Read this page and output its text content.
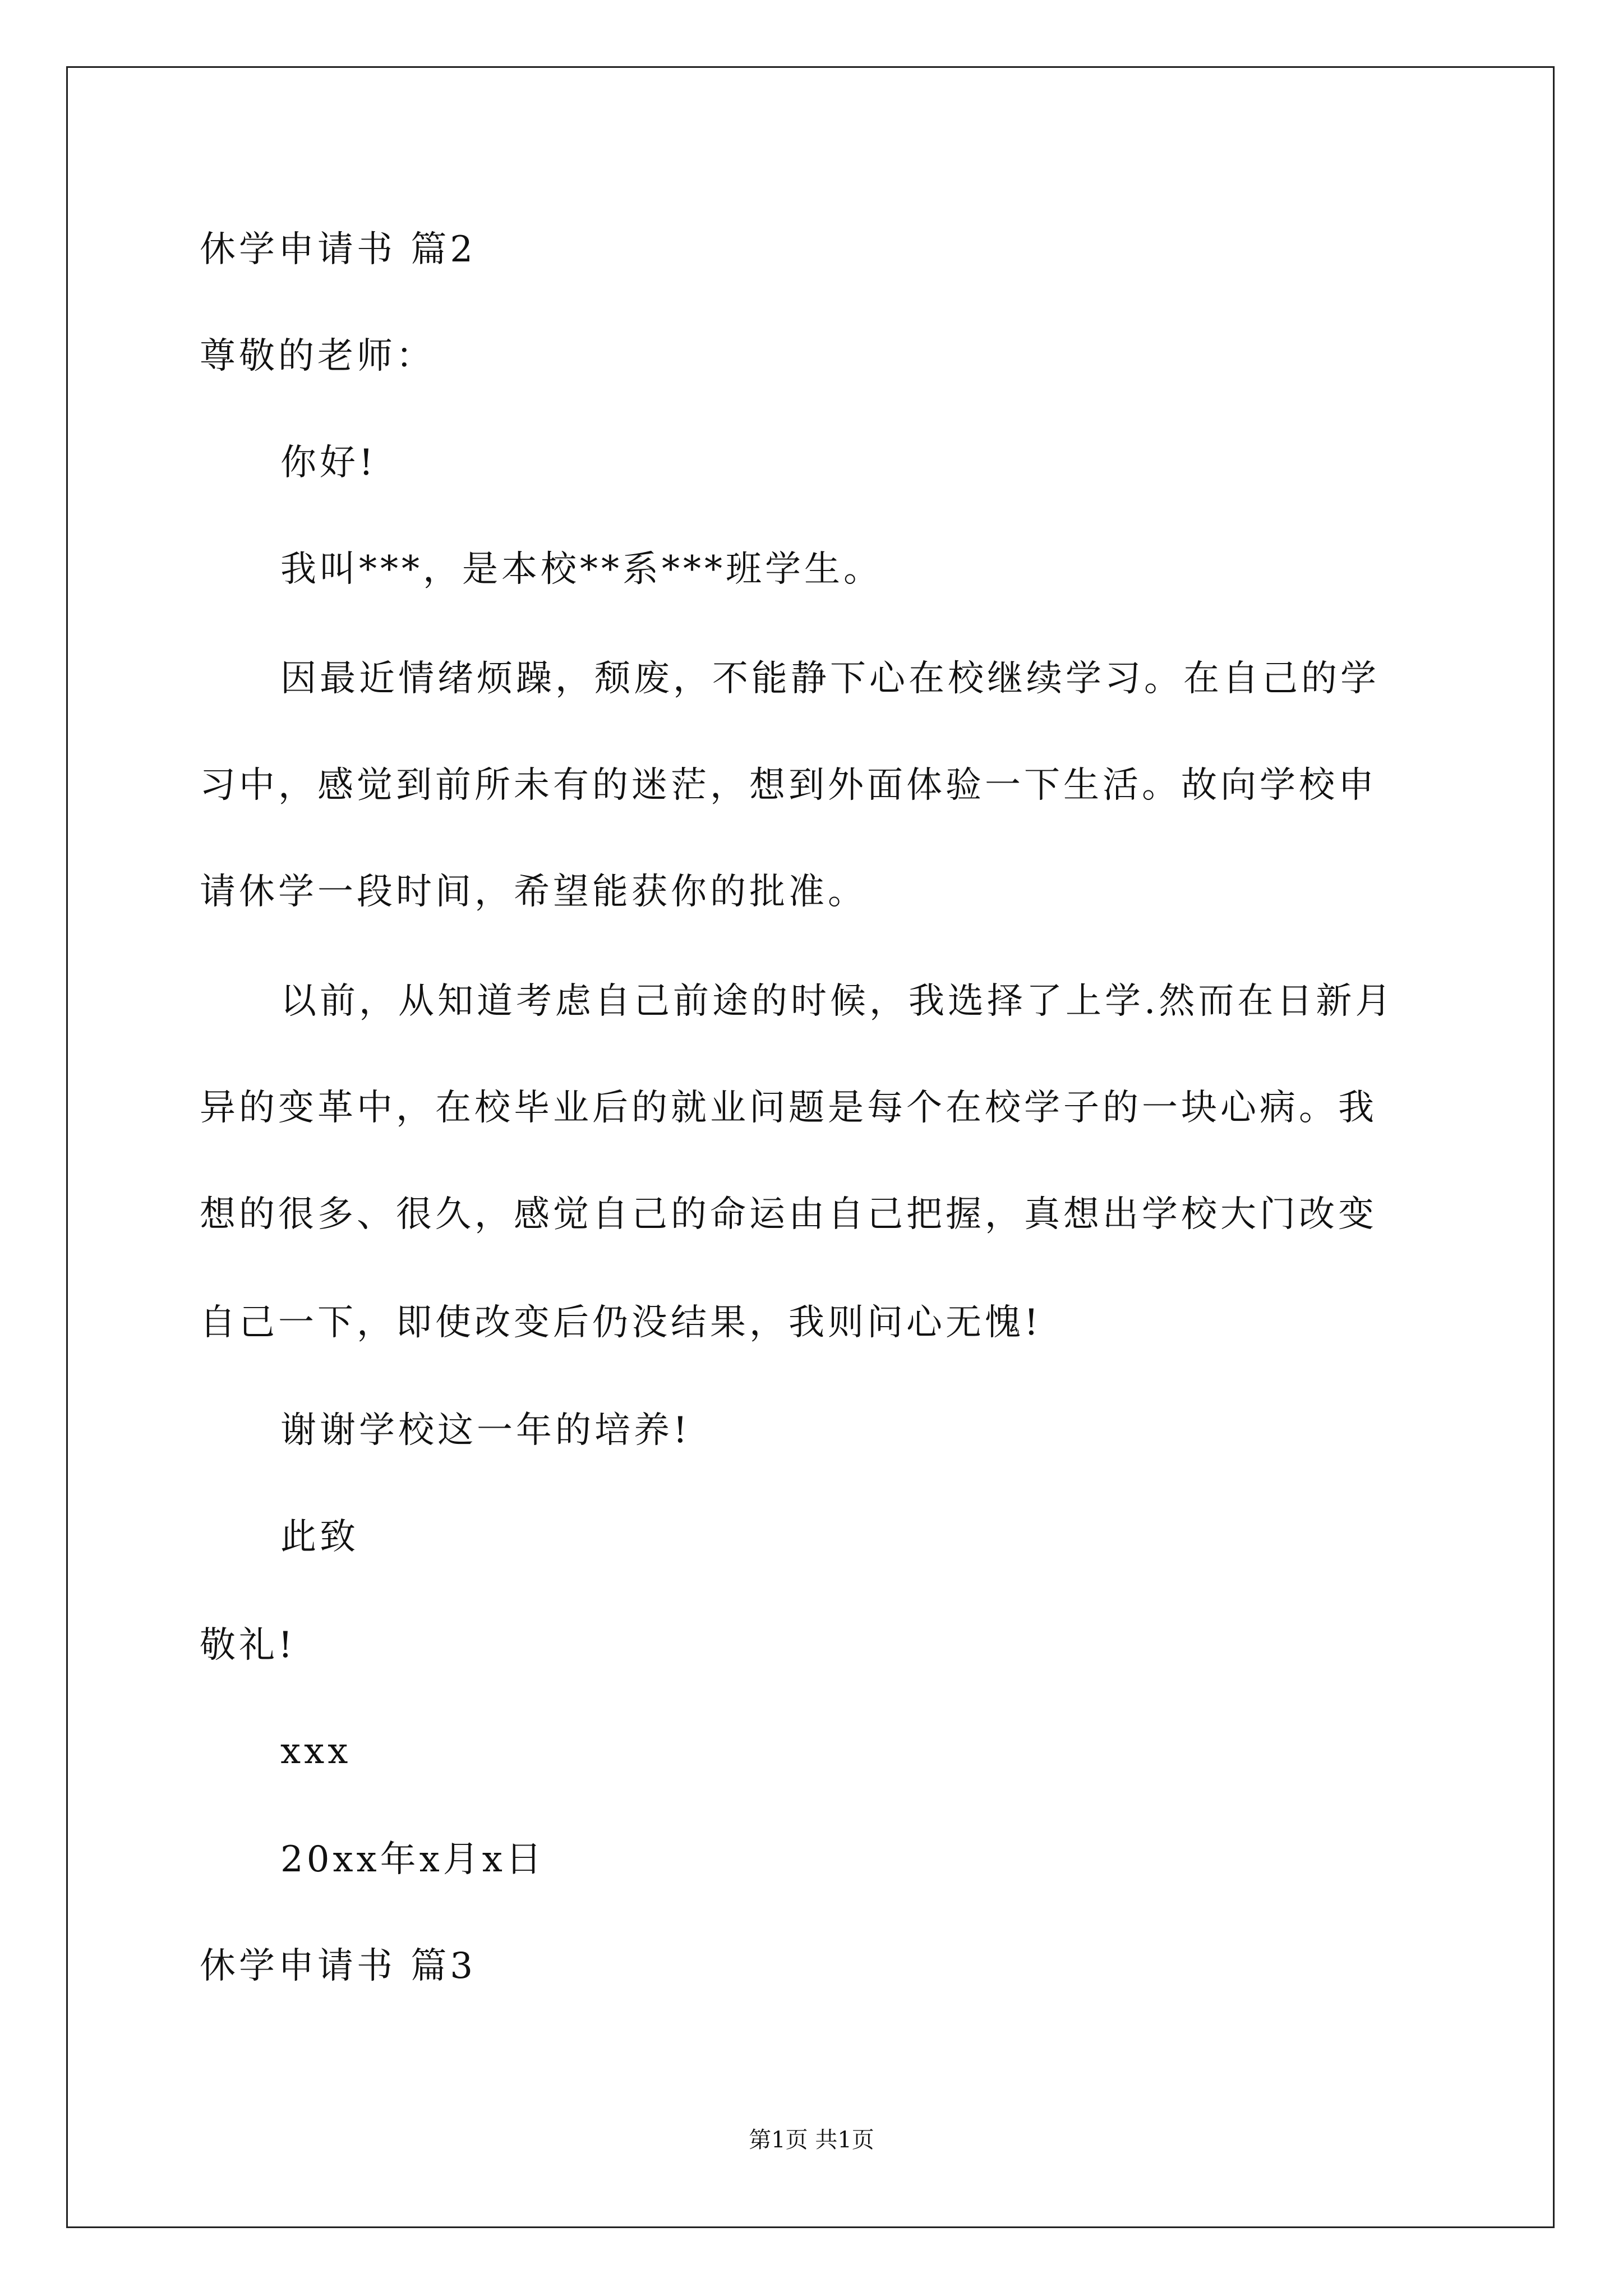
休学申请书 篇2
尊敬的老师：
你好!
我叫***，是本校**系***班学生。
因最近情绪烦躁，颓废，不能静下心在校继续学习。在自己的学
习中，感觉到前所未有的迷茫，想到外面体验一下生活。故向学校申
请休学一段时间，希望能获你的批准。
以前，从知道考虑自己前途的时候，我选择了上学.然而在日新月
异的变革中，在校毕业后的就业问题是每个在校学子的一块心病。我
想的很多、很久，感觉自己的命运由自己把握，真想出学校大门改变
自己一下，即使改变后仍没结果，我则问心无愧!
谢谢学校这一年的培养!
此致
敬礼!
xxx
20xx年x月x日
休学申请书 篇3
第1页 共1页
